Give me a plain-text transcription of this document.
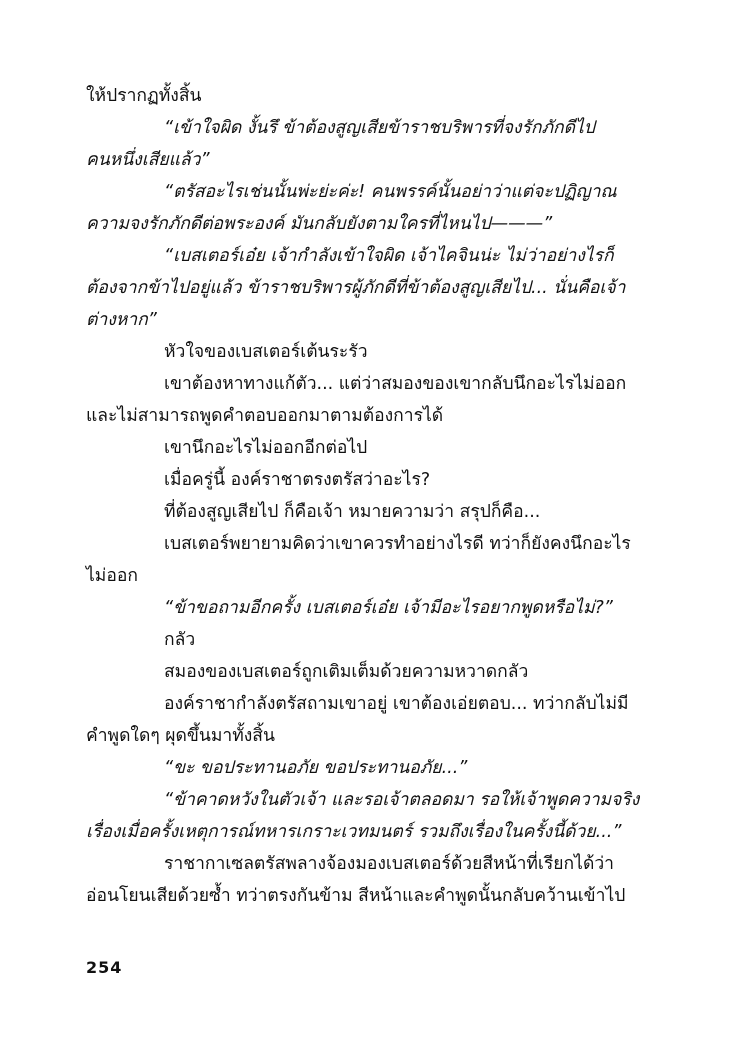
ให้ปรากฏทั้งสิ้น
“เข้าใจผิด งั้นรึ ข้าต้องสูญเสียข้าราชบริพารที่จงรักภักดีไป
คนหนึ่งเสียแล้ว”
“ตรัสอะไรเช่นนั้นพ่ะย่ะค่ะ! คนพรรค์นั้นอย่าว่าแต่จะปฏิญาณ
ความจงรักภักดีต่อพระองค์ มันกลับยังตามใครที่ไหนไป———”
“เบสเตอร์เอ๋ย เจ้ากำลังเข้าใจผิด เจ้าไคจินน่ะ ไม่ว่าอย่างไรก็
ต้องจากข้าไปอยู่แล้ว ข้าราชบริพารผู้ภักดีที่ข้าต้องสูญเสียไป... นั่นคือเจ้า
ต่างหาก”
หัวใจของเบสเตอร์เต้นระรัว
เขาต้องหาทางแก้ตัว... แต่ว่าสมองของเขากลับนึกอะไรไม่ออก
และไม่สามารถพูดคำตอบออกมาตามต้องการได้
เขานึกอะไรไม่ออกอีกต่อไป
เมื่อครู่นี้ องค์ราชาตรงตรัสว่าอะไร?
ที่ต้องสูญเสียไป ก็คือเจ้า หมายความว่า สรุปก็คือ...
เบสเตอร์พยายามคิดว่าเขาควรทำอย่างไรดี ทว่าก็ยังคงนึกอะไร
ไม่ออก
“ข้าขอถามอีกครั้ง เบสเตอร์เอ๋ย เจ้ามีอะไรอยากพูดหรือไม่?”
กลัว
สมองของเบสเตอร์ถูกเติมเต็มด้วยความหวาดกลัว
องค์ราชากำลังตรัสถามเขาอยู่ เขาต้องเอ่ยตอบ... ทว่ากลับไม่มี
คำพูดใดๆ ผุดขึ้นมาทั้งสิ้น
“ขะ ขอประทานอภัย ขอประทานอภัย...”
“ข้าคาดหวังในตัวเจ้า และรอเจ้าตลอดมา รอให้เจ้าพูดความจริง
เรื่องเมื่อครั้งเหตุการณ์ทหารเกราะเวทมนตร์ รวมถึงเรื่องในครั้งนี้ด้วย...”
ราชากาเซลตรัสพลางจ้องมองเบสเตอร์ด้วยสีหน้าที่เรียกได้ว่า
อ่อนโยนเสียด้วยซ้ำ ทว่าตรงกันข้าม สีหน้าและคำพูดนั้นกลับคว้านเข้าไป
254
